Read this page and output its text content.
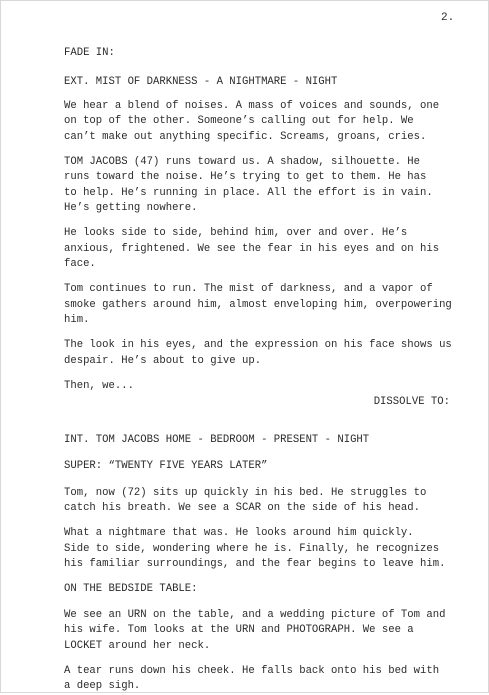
2.
FADE IN:
EXT. MIST OF DARKNESS - A NIGHTMARE - NIGHT
We hear a blend of noises. A mass of voices and sounds, one
on top of the other. Someone’s calling out for help. We
can’t make out anything specific. Screams, groans, cries.
TOM JACOBS (47) runs toward us. A shadow, silhouette. He
runs toward the noise. He’s trying to get to them. He has
to help. He’s running in place. All the effort is in vain.
He’s getting nowhere.
He looks side to side, behind him, over and over. He’s
anxious, frightened. We see the fear in his eyes and on his
face.
Tom continues to run. The mist of darkness, and a vapor of
smoke gathers around him, almost enveloping him, overpowering
him.
The look in his eyes, and the expression on his face shows us
despair. He’s about to give up.
Then, we...
DISSOLVE TO:
INT. TOM JACOBS HOME - BEDROOM - PRESENT - NIGHT
SUPER: “TWENTY FIVE YEARS LATER”
Tom, now (72) sits up quickly in his bed. He struggles to
catch his breath. We see a SCAR on the side of his head.
What a nightmare that was. He looks around him quickly.
Side to side, wondering where he is. Finally, he recognizes
his familiar surroundings, and the fear begins to leave him.
ON THE BEDSIDE TABLE:
We see an URN on the table, and a wedding picture of Tom and
his wife. Tom looks at the URN and PHOTOGRAPH. We see a
LOCKET around her neck.
A tear runs down his cheek. He falls back onto his bed with
a deep sigh.
